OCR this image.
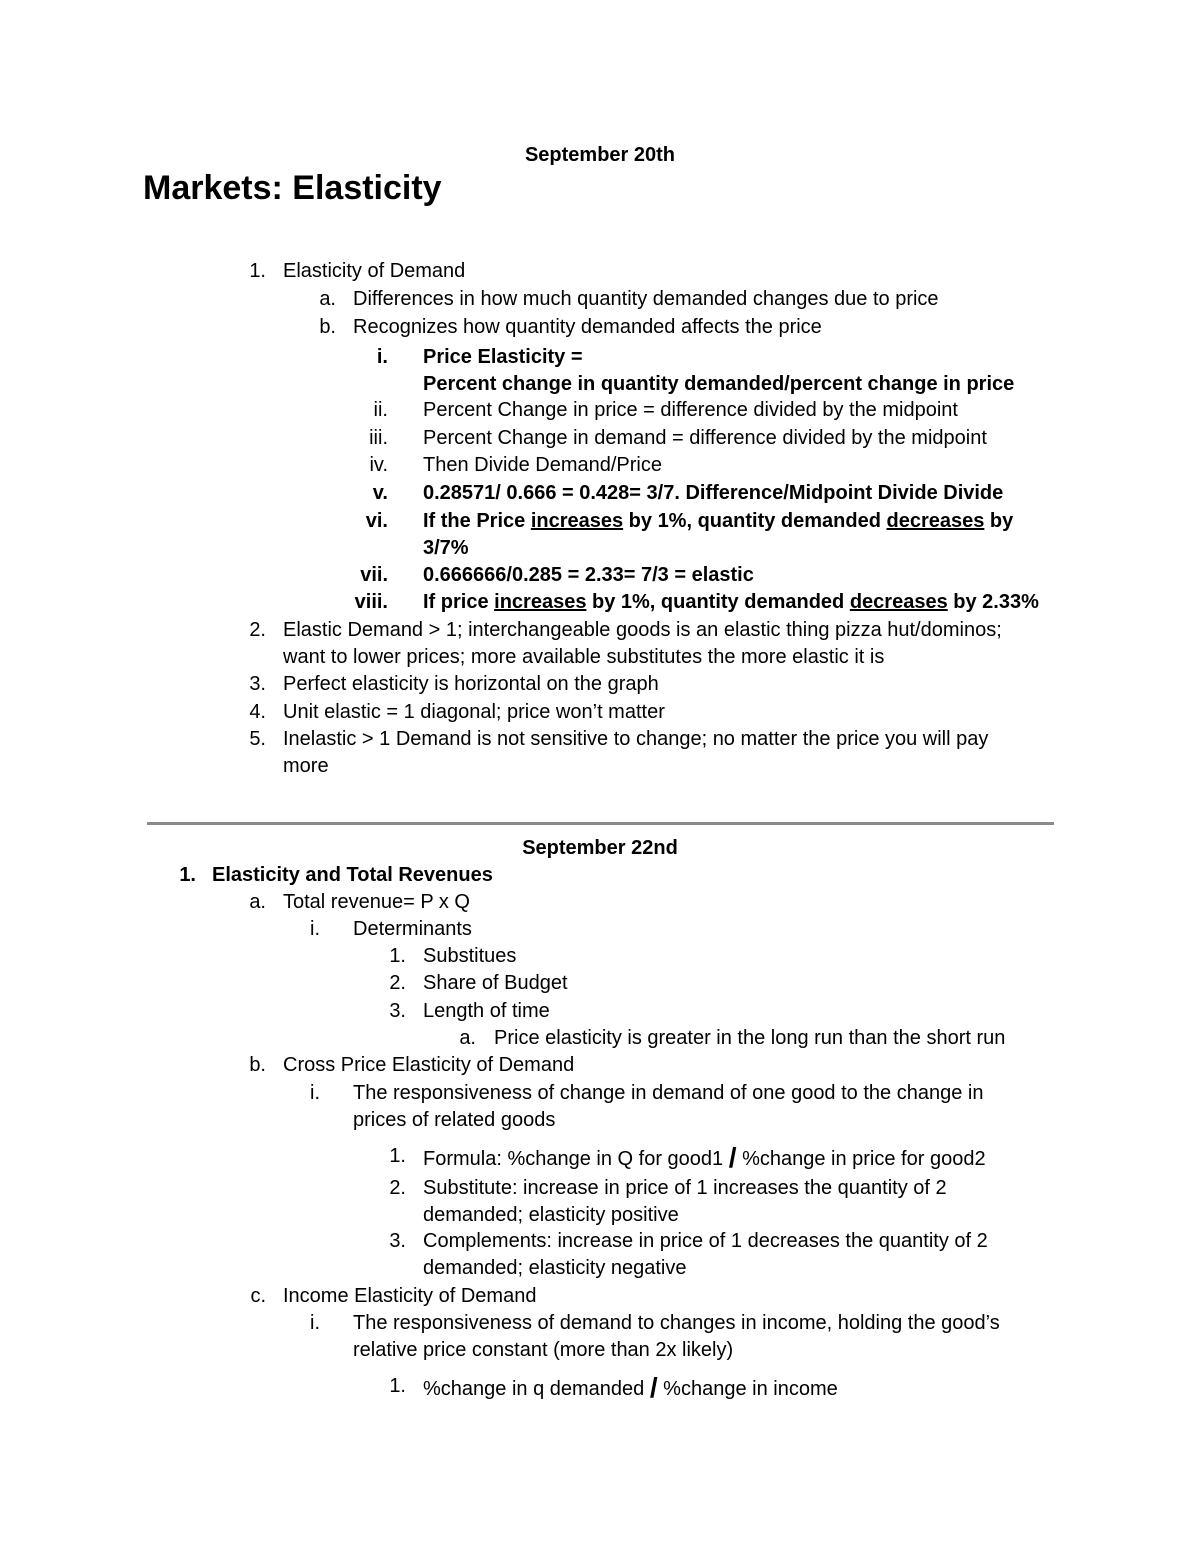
September 20th
Markets: Elasticity
1. Elasticity of Demand
a. Differences in how much quantity demanded changes due to price
b. Recognizes how quantity demanded affects the price
i. Price Elasticity =
Percent change in quantity demanded/percent change in price
ii. Percent Change in price = difference divided by the midpoint
iii. Percent Change in demand = difference divided by the midpoint
iv. Then Divide Demand/Price
v. 0.28571/ 0.666 = 0.428= 3/7. Difference/Midpoint Divide Divide
vi. If the Price increases by 1%, quantity demanded decreases by
3/7%
vii. 0.666666/0.285 = 2.33= 7/3 = elastic
viii. If price increases by 1%, quantity demanded decreases by 2.33%
2. Elastic Demand > 1; interchangeable goods is an elastic thing pizza hut/dominos;
want to lower prices; more available substitutes the more elastic it is
3. Perfect elasticity is horizontal on the graph
4. Unit elastic = 1 diagonal; price won’t matter
5. Inelastic > 1 Demand is not sensitive to change; no matter the price you will pay
more
September 22nd
1. Elasticity and Total Revenues
a. Total revenue= P x Q
i. Determinants
1. Substitues
2. Share of Budget
3. Length of time
a. Price elasticity is greater in the long run than the short run
b. Cross Price Elasticity of Demand
i. The responsiveness of change in demand of one good to the change in
prices of related goods
1. Formula: %change in Q for good1 / %change in price for good2
2. Substitute: increase in price of 1 increases the quantity of 2
demanded; elasticity positive
3. Complements: increase in price of 1 decreases the quantity of 2
demanded; elasticity negative
c. Income Elasticity of Demand
i. The responsiveness of demand to changes in income, holding the good’s
relative price constant (more than 2x likely)
1. %change in q demanded / %change in income
